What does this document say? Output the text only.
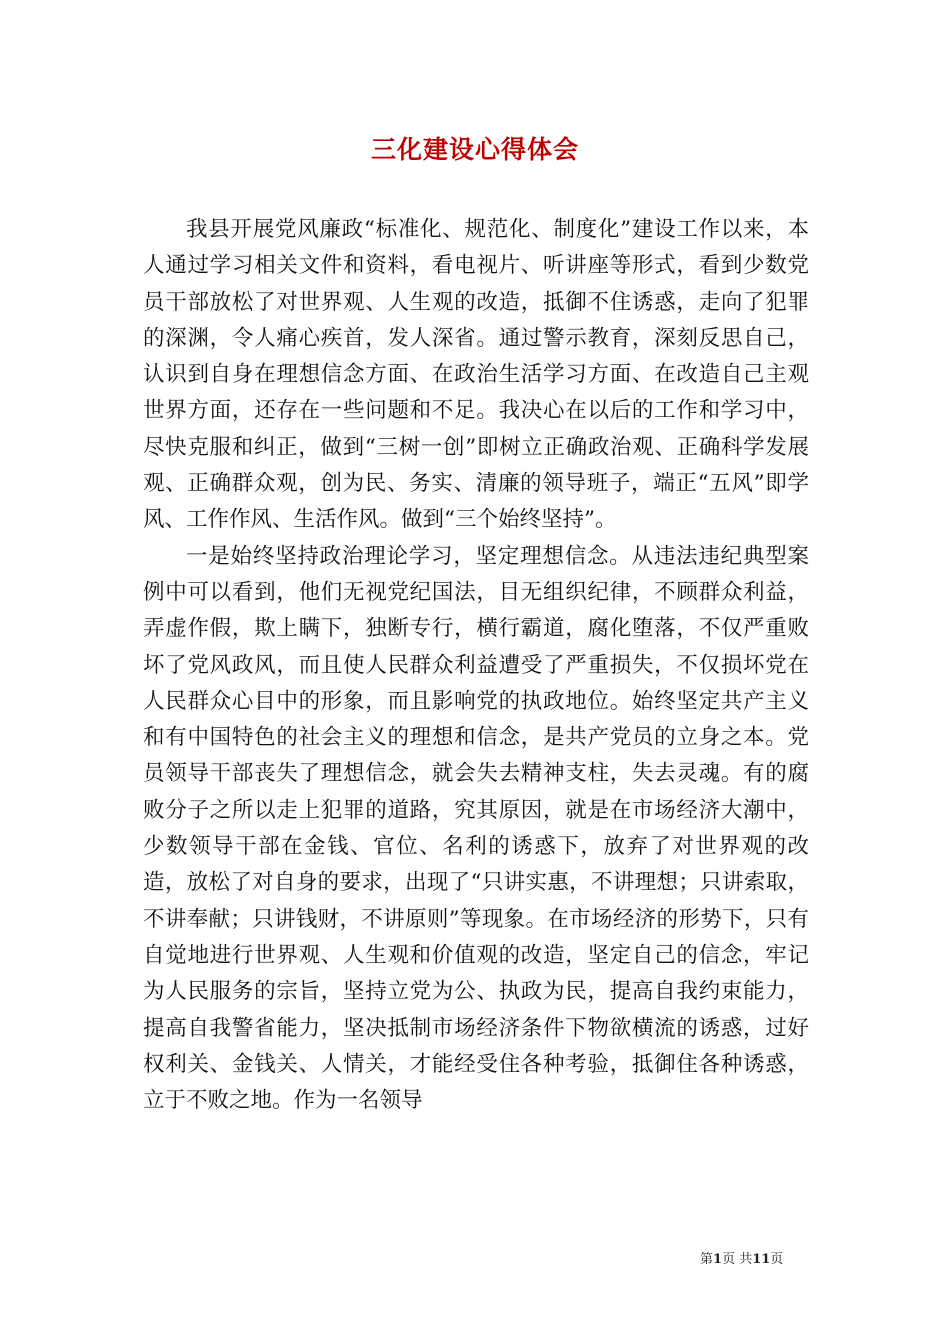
三化建设心得体会

我县开展党风廉政“标准化、规范化、制度化”建设工作以来，本人通过学习相关文件和资料，看电视片、听讲座等形式，看到少数党员干部放松了对世界观、人生观的改造，抵御不住诱惑，走向了犯罪的深渊，令人痛心疾首，发人深省。通过警示教育，深刻反思自己，认识到自身在理想信念方面、在政治生活学习方面、在改造自己主观世界方面，还存在一些问题和不足。我决心在以后的工作和学习中，尽快克服和纠正，做到“三树一创”即树立正确政治观、正确科学发展观、正确群众观，创为民、务实、清廉的领导班子，端正“五风”即学风、工作作风、生活作风。做到“三个始终坚持”。

一是始终坚持政治理论学习，坚定理想信念。从违法违纪典型案例中可以看到，他们无视党纪国法，目无组织纪律，不顾群众利益，弄虚作假，欺上瞒下，独断专行，横行霸道，腐化堕落，不仅严重败坏了党风政风，而且使人民群众利益遭受了严重损失，不仅损坏党在人民群众心目中的形象，而且影响党的执政地位。始终坚定共产主义和有中国特色的社会主义的理想和信念，是共产党员的立身之本。党员领导干部丧失了理想信念，就会失去精神支柱，失去灵魂。有的腐败分子之所以走上犯罪的道路，究其原因，就是在市场经济大潮中，少数领导干部在金钱、官位、名利的诱惑下，放弃了对世界观的改造，放松了对自身的要求，出现了“只讲实惠，不讲理想；只讲索取，不讲奉献；只讲钱财，不讲原则”等现象。在市场经济的形势下，只有自觉地进行世界观、人生观和价值观的改造，坚定自己的信念，牢记为人民服务的宗旨，坚持立党为公、执政为民，提高自我约束能力，提高自我警省能力，坚决抵制市场经济条件下物欲横流的诱惑，过好权利关、金钱关、人情关，才能经受住各种考验，抵御住各种诱惑，立于不败之地。作为一名领导

第1页 共11页
